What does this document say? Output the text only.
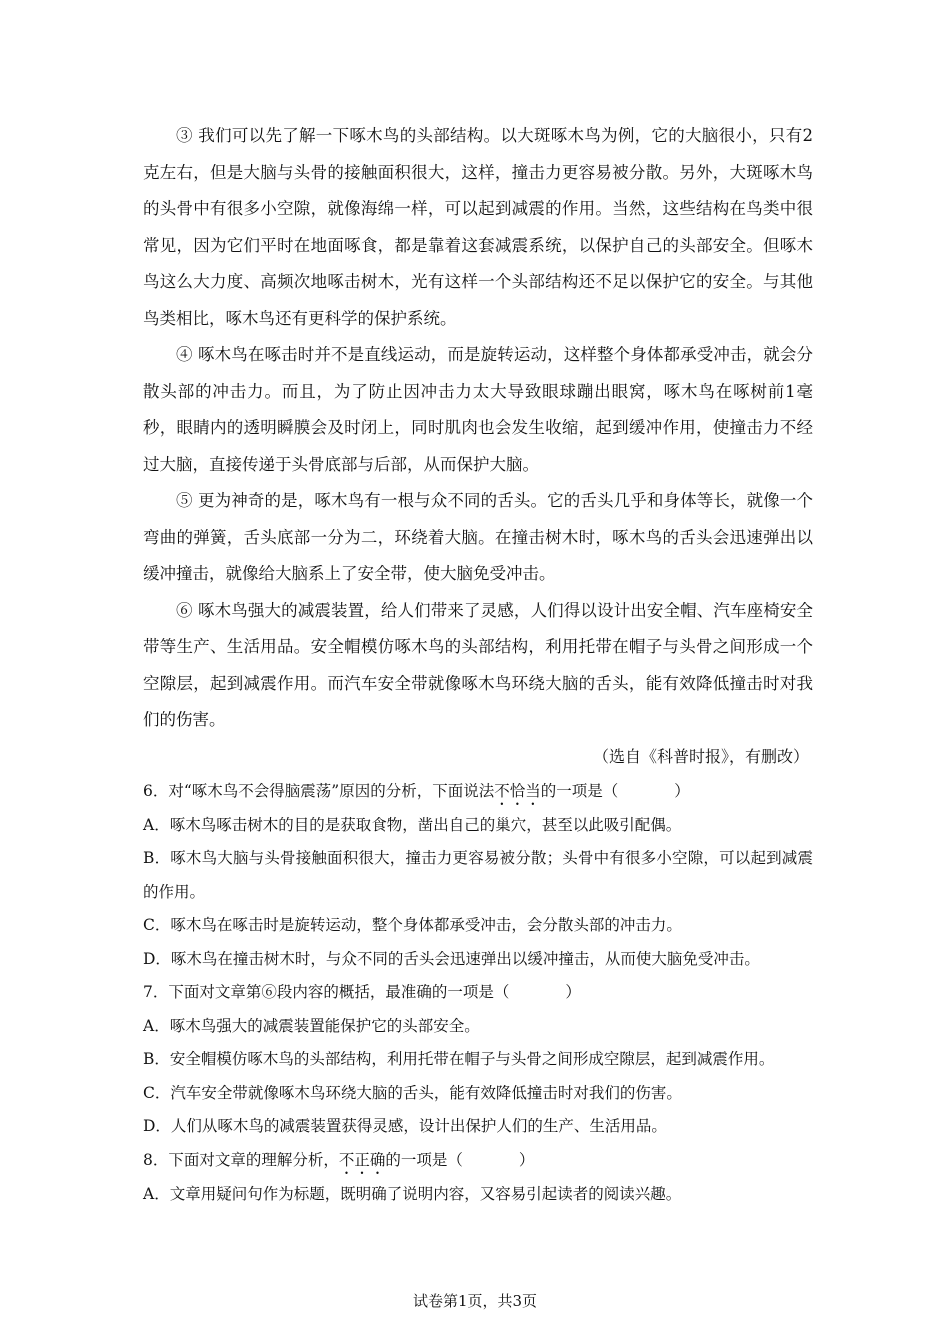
③ 我们可以先了解一下啄木鸟的头部结构。以大斑啄木鸟为例，它的大脑很小，只有2克左右，但是大脑与头骨的接触面积很大，这样，撞击力更容易被分散。另外，大斑啄木鸟的头骨中有很多小空隙，就像海绵一样，可以起到减震的作用。当然，这些结构在鸟类中很常见，因为它们平时在地面啄食，都是靠着这套减震系统，以保护自己的头部安全。但啄木鸟这么大力度、高频次地啄击树木，光有这样一个头部结构还不足以保护它的安全。与其他鸟类相比，啄木鸟还有更科学的保护系统。

④ 啄木鸟在啄击时并不是直线运动，而是旋转运动，这样整个身体都承受冲击，就会分散头部的冲击力。而且，为了防止因冲击力太大导致眼球蹦出眼窝，啄木鸟在啄树前1毫秒，眼睛内的透明瞬膜会及时闭上，同时肌肉也会发生收缩，起到缓冲作用，使撞击力不经过大脑，直接传递于头骨底部与后部，从而保护大脑。

⑤ 更为神奇的是，啄木鸟有一根与众不同的舌头。它的舌头几乎和身体等长，就像一个弯曲的弹簧，舌头底部一分为二，环绕着大脑。在撞击树木时，啄木鸟的舌头会迅速弹出以缓冲撞击，就像给大脑系上了安全带，使大脑免受冲击。

⑥ 啄木鸟强大的减震装置，给人们带来了灵感，人们得以设计出安全帽、汽车座椅安全带等生产、生活用品。安全帽模仿啄木鸟的头部结构，利用托带在帽子与头骨之间形成一个空隙层，起到减震作用。而汽车安全带就像啄木鸟环绕大脑的舌头，能有效降低撞击时对我们的伤害。

（选自《科普时报》，有删改）

6．对“啄木鸟不会得脑震荡”原因的分析，下面说法不恰当的一项是（	）

A．啄木鸟啄击树木的目的是获取食物，凿出自己的巢穴，甚至以此吸引配偶。

B．啄木鸟大脑与头骨接触面积很大，撞击力更容易被分散；头骨中有很多小空隙，可以起到减震的作用。

C．啄木鸟在啄击时是旋转运动，整个身体都承受冲击，会分散头部的冲击力。

D．啄木鸟在撞击树木时，与众不同的舌头会迅速弹出以缓冲撞击，从而使大脑免受冲击。

7．下面对文章第⑥段内容的概括，最准确的一项是（	）

A．啄木鸟强大的减震装置能保护它的头部安全。

B．安全帽模仿啄木鸟的头部结构，利用托带在帽子与头骨之间形成空隙层，起到减震作用。

C．汽车安全带就像啄木鸟环绕大脑的舌头，能有效降低撞击时对我们的伤害。

D．人们从啄木鸟的减震装置获得灵感，设计出保护人们的生产、生活用品。

8．下面对文章的理解分析，不正确的一项是（	）

A．文章用疑问句作为标题，既明确了说明内容，又容易引起读者的阅读兴趣。

试卷第1页，共3页
